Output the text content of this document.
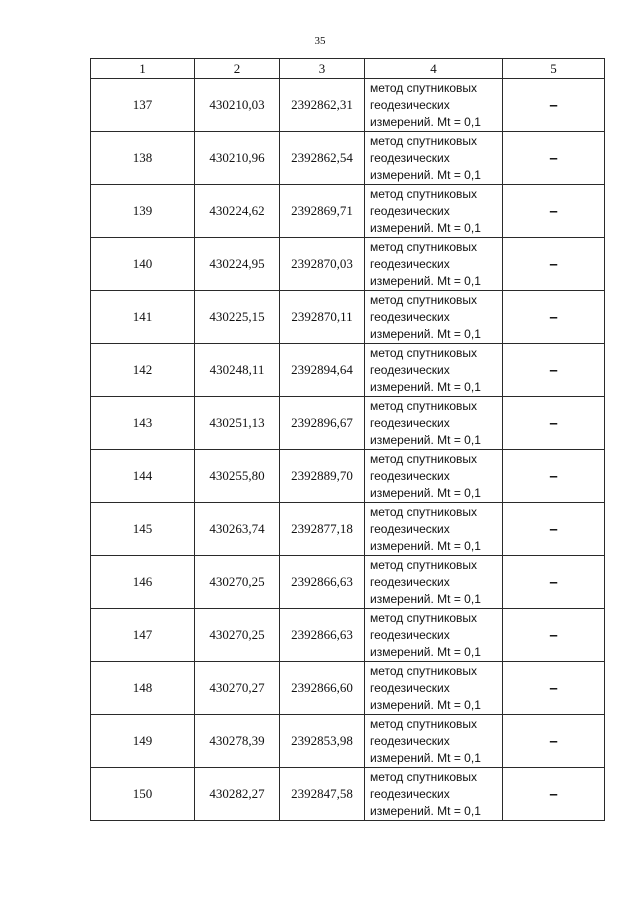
35
1	2	3	4	5
137	430210,03	2392862,31	метод спутниковых
геодезических
измерений. Mt = 0,1	–
138	430210,96	2392862,54	метод спутниковых
геодезических
измерений. Mt = 0,1	–
139	430224,62	2392869,71	метод спутниковых
геодезических
измерений. Mt = 0,1	–
140	430224,95	2392870,03	метод спутниковых
геодезических
измерений. Mt = 0,1	–
141	430225,15	2392870,11	метод спутниковых
геодезических
измерений. Mt = 0,1	–
142	430248,11	2392894,64	метод спутниковых
геодезических
измерений. Mt = 0,1	–
143	430251,13	2392896,67	метод спутниковых
геодезических
измерений. Mt = 0,1	–
144	430255,80	2392889,70	метод спутниковых
геодезических
измерений. Mt = 0,1	–
145	430263,74	2392877,18	метод спутниковых
геодезических
измерений. Mt = 0,1	–
146	430270,25	2392866,63	метод спутниковых
геодезических
измерений. Mt = 0,1	–
147	430270,25	2392866,63	метод спутниковых
геодезических
измерений. Mt = 0,1	–
148	430270,27	2392866,60	метод спутниковых
геодезических
измерений. Mt = 0,1	–
149	430278,39	2392853,98	метод спутниковых
геодезических
измерений. Mt = 0,1	–
150	430282,27	2392847,58	метод спутниковых
геодезических
измерений. Mt = 0,1	–
